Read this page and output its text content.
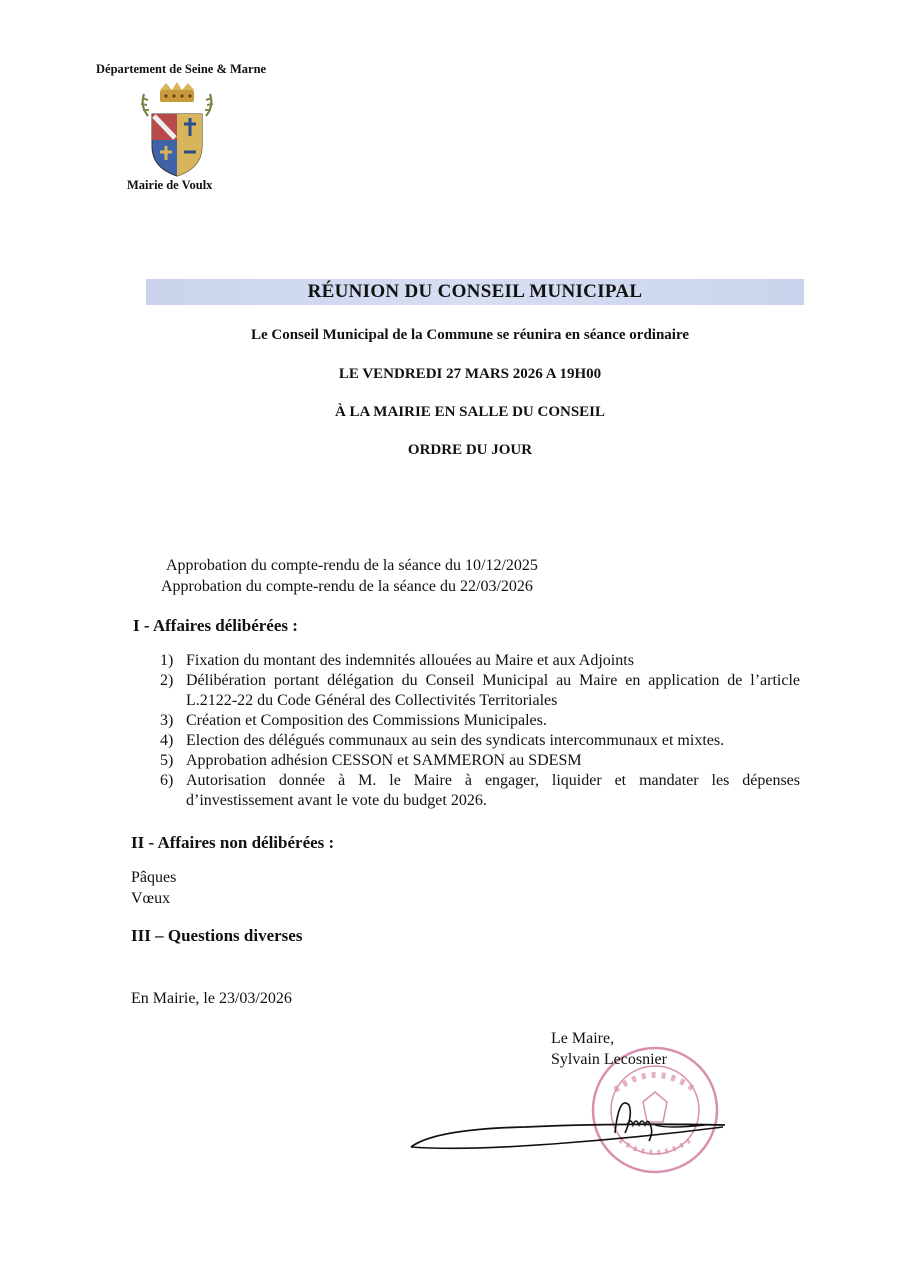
Département de Seine & Marne
Mairie de Voulx
RÉUNION DU CONSEIL MUNICIPAL
Le Conseil Municipal de la Commune se réunira en séance ordinaire
LE VENDREDI 27 MARS 2026 A 19H00
À LA MAIRIE EN SALLE DU CONSEIL
ORDRE DU JOUR
Approbation du compte-rendu de la séance du 10/12/2025
Approbation du compte-rendu de la séance du 22/03/2026
I - Affaires délibérées :
1) Fixation du montant des indemnités allouées au Maire et aux Adjoints
2) Délibération portant délégation du Conseil Municipal au Maire en application de l’article L.2122-22 du Code Général des Collectivités Territoriales
3) Création et Composition des Commissions Municipales.
4) Election des délégués communaux au sein des syndicats intercommunaux et mixtes.
5) Approbation adhésion CESSON et SAMMERON au SDESM
6) Autorisation donnée à M. le Maire à engager, liquider et mandater les dépenses d’investissement avant le vote du budget 2026.
II - Affaires non délibérées :
Pâques
Vœux
III – Questions diverses
En Mairie, le 23/03/2026
Le Maire,
Sylvain Lecosnier
